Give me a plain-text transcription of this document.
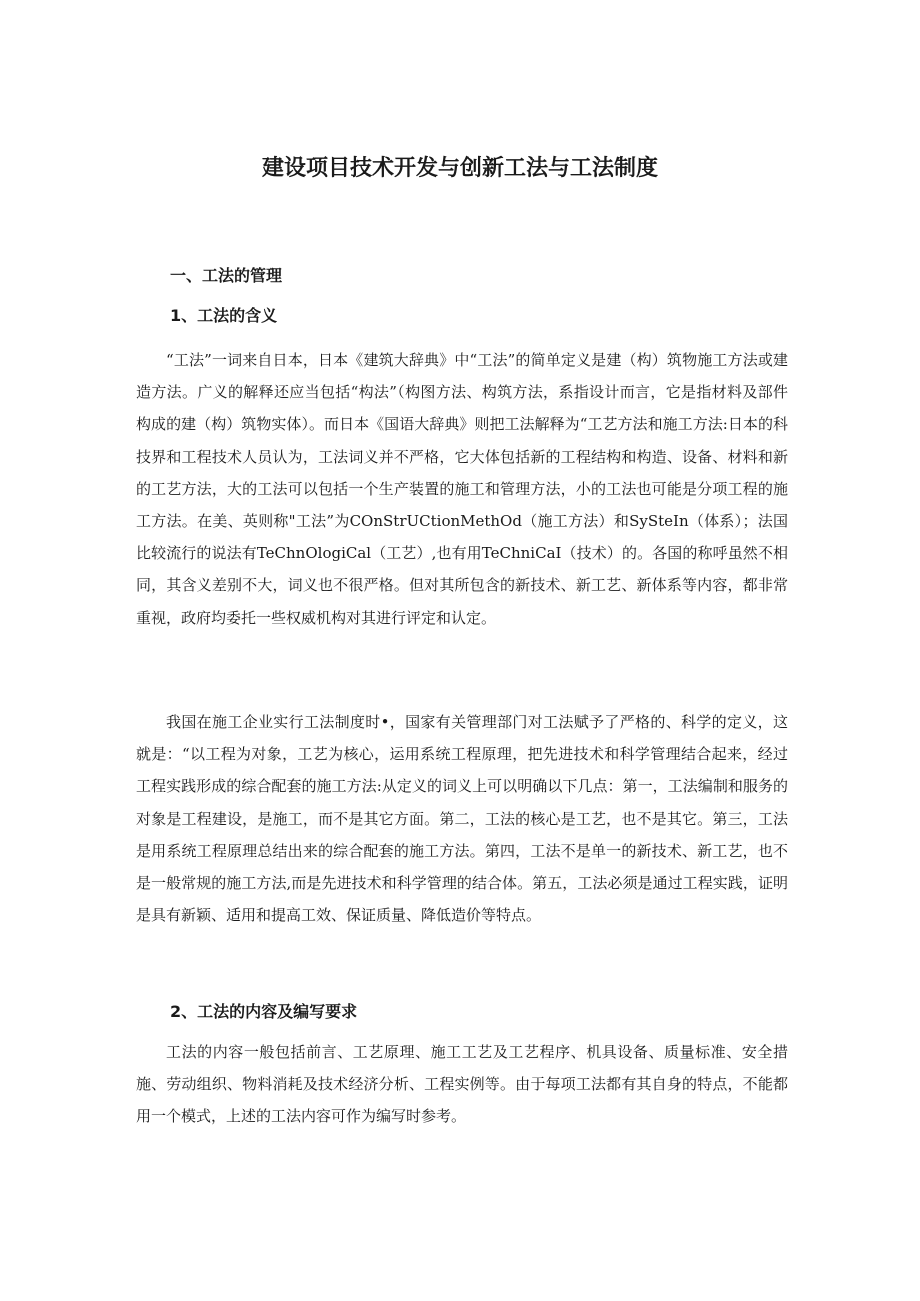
建设项目技术开发与创新工法与工法制度
一、工法的管理
1、工法的含义

“工法”一词来自日本，日本《建筑大辞典》中“工法”的简单定义是建（构）筑物施工方法或建造方法。广义的解释还应当包括“构法”（构图方法、构筑方法，系指设计而言，它是指材料及部件构成的建（构）筑物实体）。而日本《国语大辞典》则把工法解释为“工艺方法和施工方法:日本的科技界和工程技术人员认为，工法词义并不严格，它大体包括新的工程结构和构造、设备、材料和新的工艺方法，大的工法可以包括一个生产装置的施工和管理方法，小的工法也可能是分项工程的施工方法。在美、英则称"工法”为COnStrUCtionMethOd（施工方法）和SySteIn（体系）；法国比较流行的说法有TeChnOlogiCal（工艺）,也有用TeChniCaI（技术）的。各国的称呼虽然不相同，其含义差别不大，词义也不很严格。但对其所包含的新技术、新工艺、新体系等内容，都非常重视，政府均委托一些权威机构对其进行评定和认定。

我国在施工企业实行工法制度时•，国家有关管理部门对工法赋予了严格的、科学的定义，这就是：“以工程为对象，工艺为核心，运用系统工程原理，把先进技术和科学管理结合起来，经过工程实践形成的综合配套的施工方法:从定义的词义上可以明确以下几点：第一，工法编制和服务的对象是工程建设，是施工，而不是其它方面。第二，工法的核心是工艺，也不是其它。第三，工法是用系统工程原理总结出来的综合配套的施工方法。第四，工法不是单一的新技术、新工艺，也不是一般常规的施工方法,而是先进技术和科学管理的结合体。第五，工法必须是通过工程实践，证明是具有新颖、适用和提高工效、保证质量、降低造价等特点。

2、工法的内容及编写要求

工法的内容一般包括前言、工艺原理、施工工艺及工艺程序、机具设备、质量标准、安全措施、劳动组织、物料消耗及技术经济分析、工程实例等。由于每项工法都有其自身的特点，不能都用一个模式，上述的工法内容可作为编写时参考。
